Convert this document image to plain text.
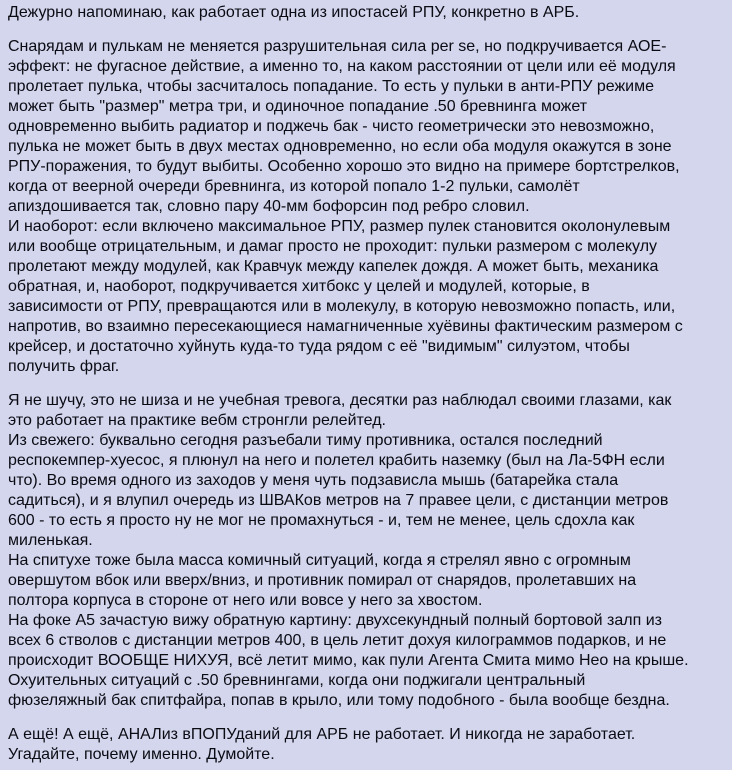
Дежурно напоминаю, как работает одна из ипостасей РПУ, конкретно в АРБ.
Снарядам и пулькам не меняется разрушительная сила per se, но подкручивается АОЕ-
эффект: не фугасное действие, а именно то, на каком расстоянии от цели или её модуля
пролетает пулька, чтобы засчиталось попадание. То есть у пульки в анти-РПУ режиме
может быть "размер" метра три, и одиночное попадание .50 бревнинга может
одновременно выбить радиатор и поджечь бак - чисто геометрически это невозможно,
пулька не может быть в двух местах одновременно, но если оба модуля окажутся в зоне
РПУ-поражения, то будут выбиты. Особенно хорошо это видно на примере бортстрелков,
когда от веерной очереди бревнинга, из которой попало 1-2 пульки, самолёт
апиздошивается так, словно пару 40-мм бофорсин под ребро словил.
И наоборот: если включено максимальное РПУ, размер пулек становится околонулевым
или вообще отрицательным, и дамаг просто не проходит: пульки размером с молекулу
пролетают между модулей, как Кравчук между капелек дождя. А может быть, механика
обратная, и, наоборот, подкручивается хитбокс у целей и модулей, которые, в
зависимости от РПУ, превращаются или в молекулу, в которую невозможно попасть, или,
напротив, во взаимно пересекающиеся намагниченные хуёвины фактическим размером с
крейсер, и достаточно хуйнуть куда-то туда рядом с её "видимым" силуэтом, чтобы
получить фраг.
Я не шучу, это не шиза и не учебная тревога, десятки раз наблюдал своими глазами, как
это работает на практике вебм стронгли релейтед.
Из свежего: буквально сегодня разъебали тиму противника, остался последний
респокемпер-хуесос, я плюнул на него и полетел крабить наземку (был на Ла-5ФН если
что). Во время одного из заходов у меня чуть подзависла мышь (батарейка стала
садиться), и я влупил очередь из ШВАКов метров на 7 правее цели, с дистанции метров
600 - то есть я просто ну не мог не промахнуться - и, тем не менее, цель сдохла как
миленькая.
На спитухе тоже была масса комичный ситуаций, когда я стрелял явно с огромным
овершутом вбок или вверх/вниз, и противник помирал от снарядов, пролетавших на
полтора корпуса в стороне от него или вовсе у него за хвостом.
На фоке А5 зачастую вижу обратную картину: двухсекундный полный бортовой залп из
всех 6 стволов с дистанции метров 400, в цель летит дохуя килограммов подарков, и не
происходит ВООБЩЕ НИХУЯ, всё летит мимо, как пули Агента Смита мимо Нео на крыше.
Охуительных ситуаций с .50 бревнингами, когда они поджигали центральный
фюзеляжный бак спитфайра, попав в крыло, или тому подобного - была вообще бездна.
А ещё! А ещё, АНАЛиз вПОПУданий для АРБ не работает. И никогда не заработает.
Угадайте, почему именно. Думойте.
